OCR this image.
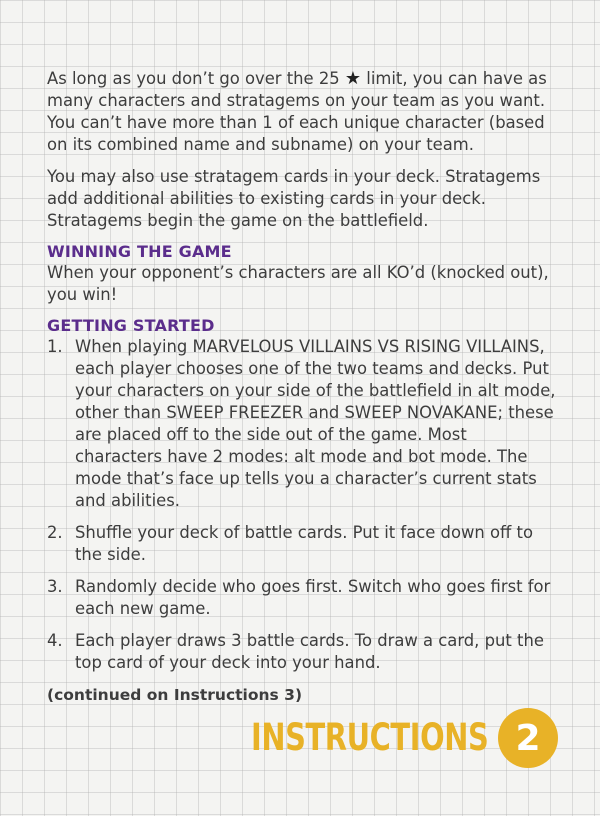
As long as you don’t go over the 25 ★ limit, you can have as many characters and stratagems on your team as you want. You can’t have more than 1 of each unique character (based on its combined name and subname) on your team.

You may also use stratagem cards in your deck. Stratagems add additional abilities to existing cards in your deck. Stratagems begin the game on the battlefield.

WINNING THE GAME

When your opponent’s characters are all KO’d (knocked out), you win!

GETTING STARTED
1. When playing MARVELOUS VILLAINS VS RISING VILLAINS, each player chooses one of the two teams and decks. Put your characters on your side of the battlefield in alt mode, other than SWEEP FREEZER and SWEEP NOVAKANE; these are placed off to the side out of the game. Most characters have 2 modes: alt mode and bot mode. The mode that’s face up tells you a character’s current stats and abilities.
2. Shuffle your deck of battle cards. Put it face down off to the side.
3. Randomly decide who goes first. Switch who goes first for each new game.
4. Each player draws 3 battle cards. To draw a card, put the top card of your deck into your hand.

(continued on Instructions 3)

INSTRUCTIONS 2
